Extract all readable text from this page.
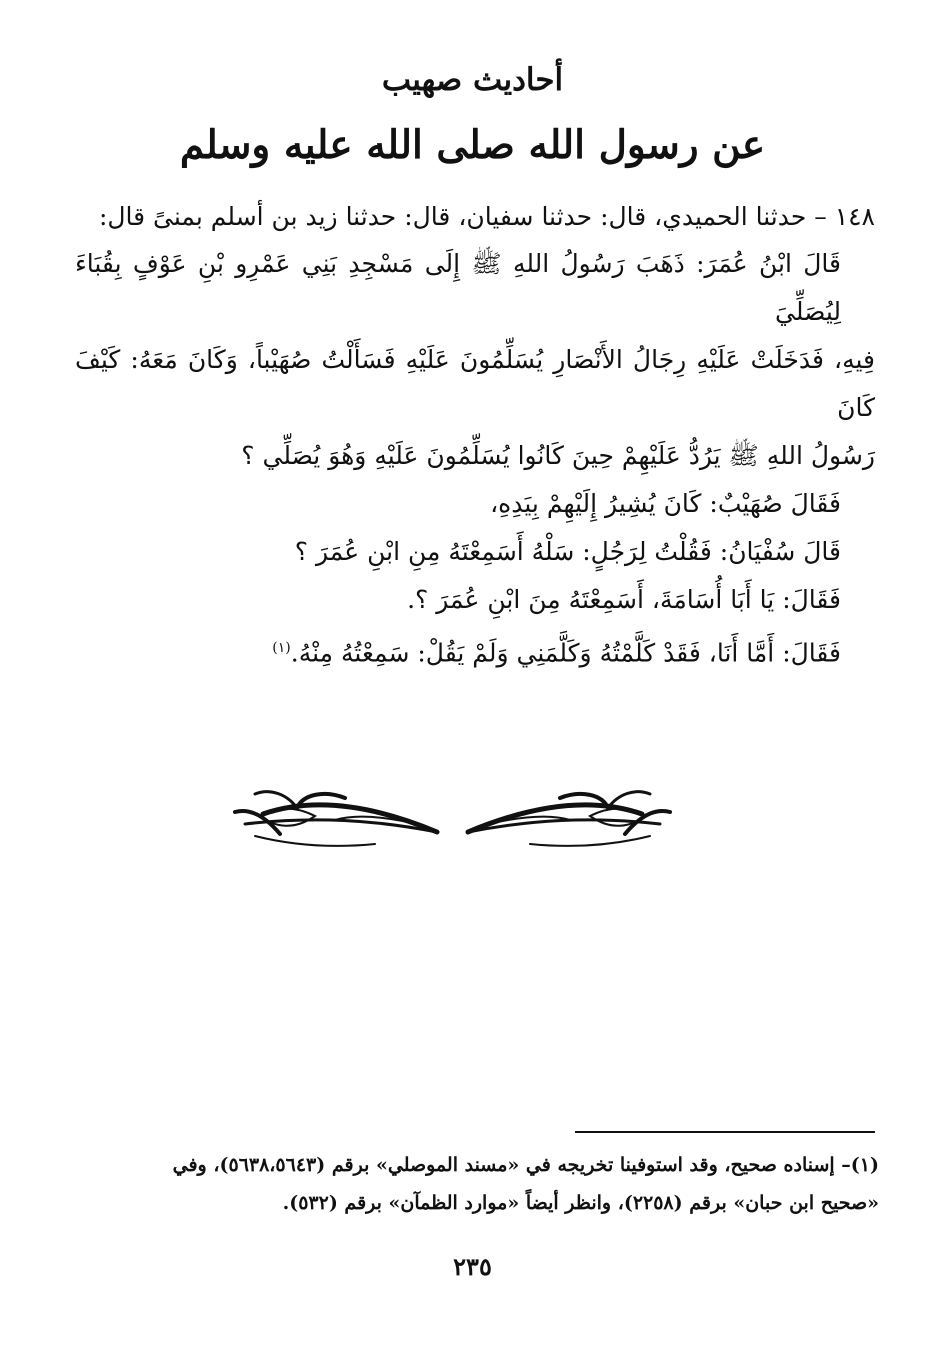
أحاديث صهيب
عن رسول الله صلى الله عليه وسلم
١٤٨ – حدثنا الحميدي، قال: حدثنا سفيان، قال: حدثنا زيد بن أسلم بمنىً قال:
قَالَ ابْنُ عُمَرَ: ذَهَبَ رَسُولُ اللهِ ﷺ إِلَى مَسْجِدِ بَنِي عَمْرِو بْنِ عَوْفٍ بِقُبَاءَ لِيُصَلِّيَ
فِيهِ، فَدَخَلَتْ عَلَيْهِ رِجَالُ الأَنْصَارِ يُسَلِّمُونَ عَلَيْهِ فَسَأَلْتُ صُهَيْباً، وَكَانَ مَعَهُ: كَيْفَ كَانَ
رَسُولُ اللهِ ﷺ يَرُدُّ عَلَيْهِمْ حِينَ كَانُوا يُسَلِّمُونَ عَلَيْهِ وَهُوَ يُصَلِّي ؟
فَقَالَ صُهَيْبٌ: كَانَ يُشِيرُ إِلَيْهِمْ بِيَدِهِ،
قَالَ سُفْيَانُ: فَقُلْتُ لِرَجُلٍ: سَلْهُ أَسَمِعْتَهُ مِنِ ابْنِ عُمَرَ ؟
فَقَالَ: يَا أَبَا أُسَامَةَ، أَسَمِعْتَهُ مِنَ ابْنِ عُمَرَ ؟.
فَقَالَ: أَمَّا أَنَا، فَقَدْ كَلَّمْتُهُ وَكَلَّمَنِي وَلَمْ يَقُلْ: سَمِعْتُهُ مِنْهُ.$^{(١)}$
(١)– إسناده صحيح، وقد استوفينا تخريجه في «مسند الموصلي» برقم (٥٦٣٨،٥٦٤٣)، وفي
«صحيح ابن حبان» برقم (٢٢٥٨)، وانظر أيضاً «موارد الظمآن» برقم (٥٣٢).
٢٣٥
